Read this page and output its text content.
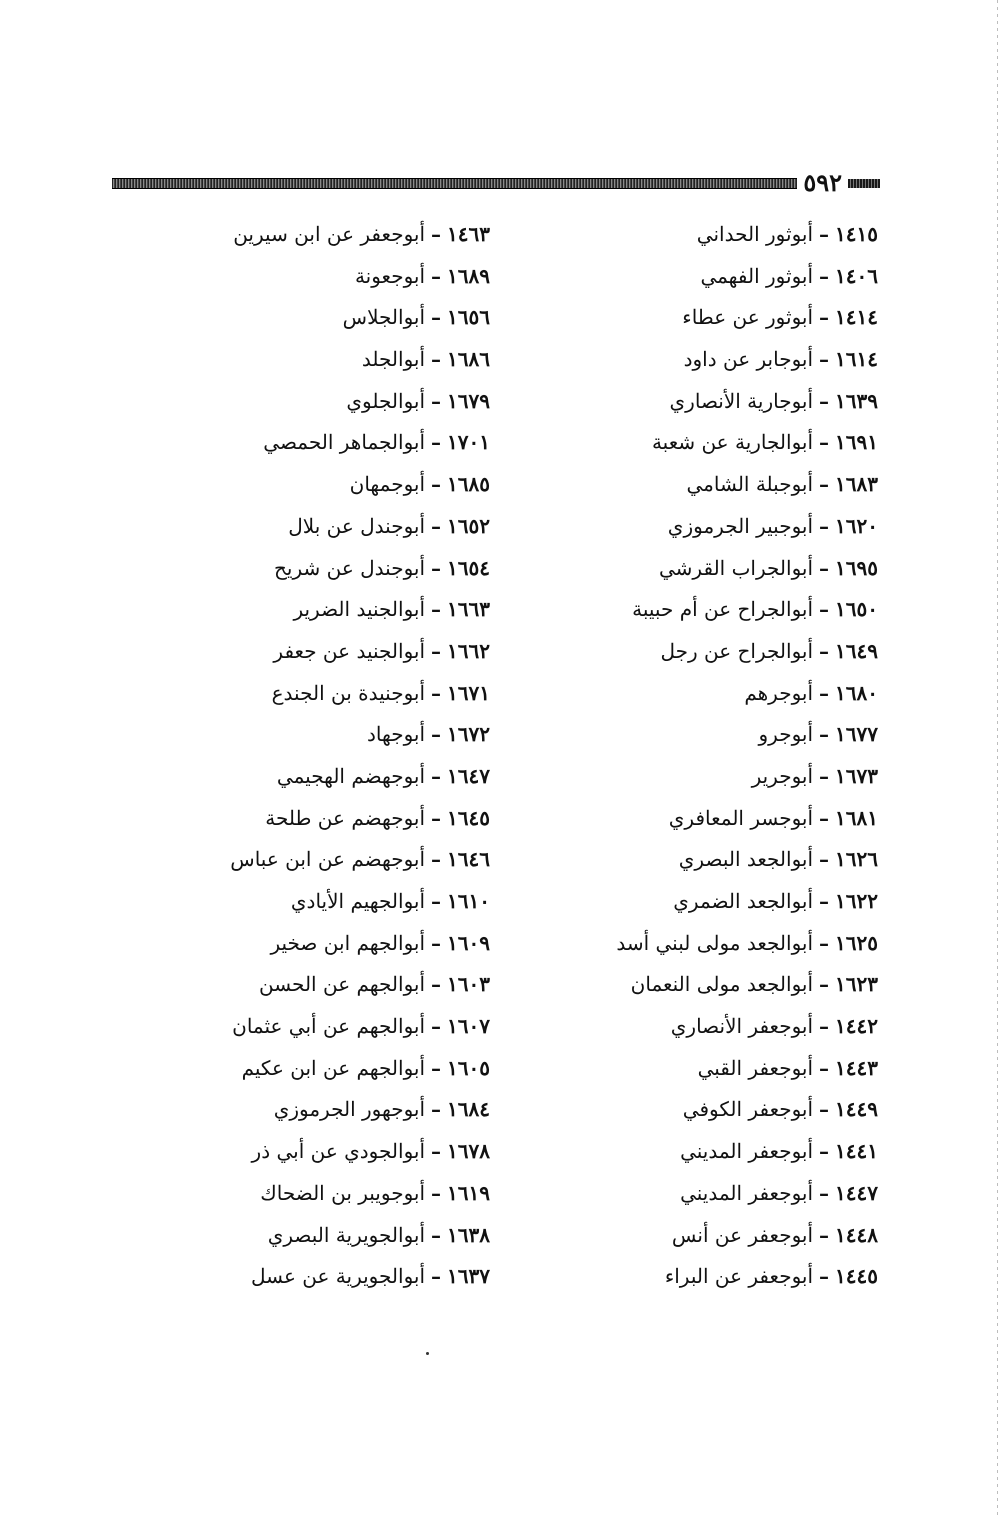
٥٩٢
١٤١٥–أبوثور الحداني
١٤٠٦–أبوثور الفهمي
١٤١٤–أبوثور عن عطاء
١٦١٤–أبوجابر عن داود
١٦٣٩–أبوجارية الأنصاري
١٦٩١–أبوالجارية عن شعبة
١٦٨٣–أبوجبلة الشامي
١٦٢٠–أبوجبير الجرموزي
١٦٩٥–أبوالجراب القرشي
١٦٥٠–أبوالجراح عن أم حبيبة
١٦٤٩–أبوالجراح عن رجل
١٦٨٠–أبوجرهم
١٦٧٧–أبوجرو
١٦٧٣–أبوجرير
١٦٨١–أبوجسر المعافري
١٦٢٦–أبوالجعد البصري
١٦٢٢–أبوالجعد الضمري
١٦٢٥–أبوالجعد مولى لبني أسد
١٦٢٣–أبوالجعد مولى النعمان
١٤٤٢–أبوجعفر الأنصاري
١٤٤٣–أبوجعفر القبي
١٤٤٩–أبوجعفر الكوفي
١٤٤١–أبوجعفر المديني
١٤٤٧–أبوجعفر المديني
١٤٤٨–أبوجعفر عن أنس
١٤٤٥–أبوجعفر عن البراء
١٤٦٣–أبوجعفر عن ابن سيرين
١٦٨٩–أبوجعونة
١٦٥٦–أبوالجلاس
١٦٨٦–أبوالجلد
١٦٧٩–أبوالجلوي
١٧٠١–أبوالجماهر الحمصي
١٦٨٥–أبوجمهان
١٦٥٢–أبوجندل عن بلال
١٦٥٤–أبوجندل عن شريح
١٦٦٣–أبوالجنيد الضرير
١٦٦٢–أبوالجنيد عن جعفر
١٦٧١–أبوجنيدة بن الجندع
١٦٧٢–أبوجهاد
١٦٤٧–أبوجهضم الهجيمي
١٦٤٥–أبوجهضم عن طلحة
١٦٤٦–أبوجهضم عن ابن عباس
١٦١٠–أبوالجهيم الأيادي
١٦٠٩–أبوالجهم ابن صخير
١٦٠٣–أبوالجهم عن الحسن
١٦٠٧–أبوالجهم عن أبي عثمان
١٦٠٥–أبوالجهم عن ابن عكيم
١٦٨٤–أبوجهور الجرموزي
١٦٧٨–أبوالجودي عن أبي ذر
١٦١٩–أبوجويبر بن الضحاك
١٦٣٨–أبوالجويرية البصري
١٦٣٧–أبوالجويرية عن عسل
